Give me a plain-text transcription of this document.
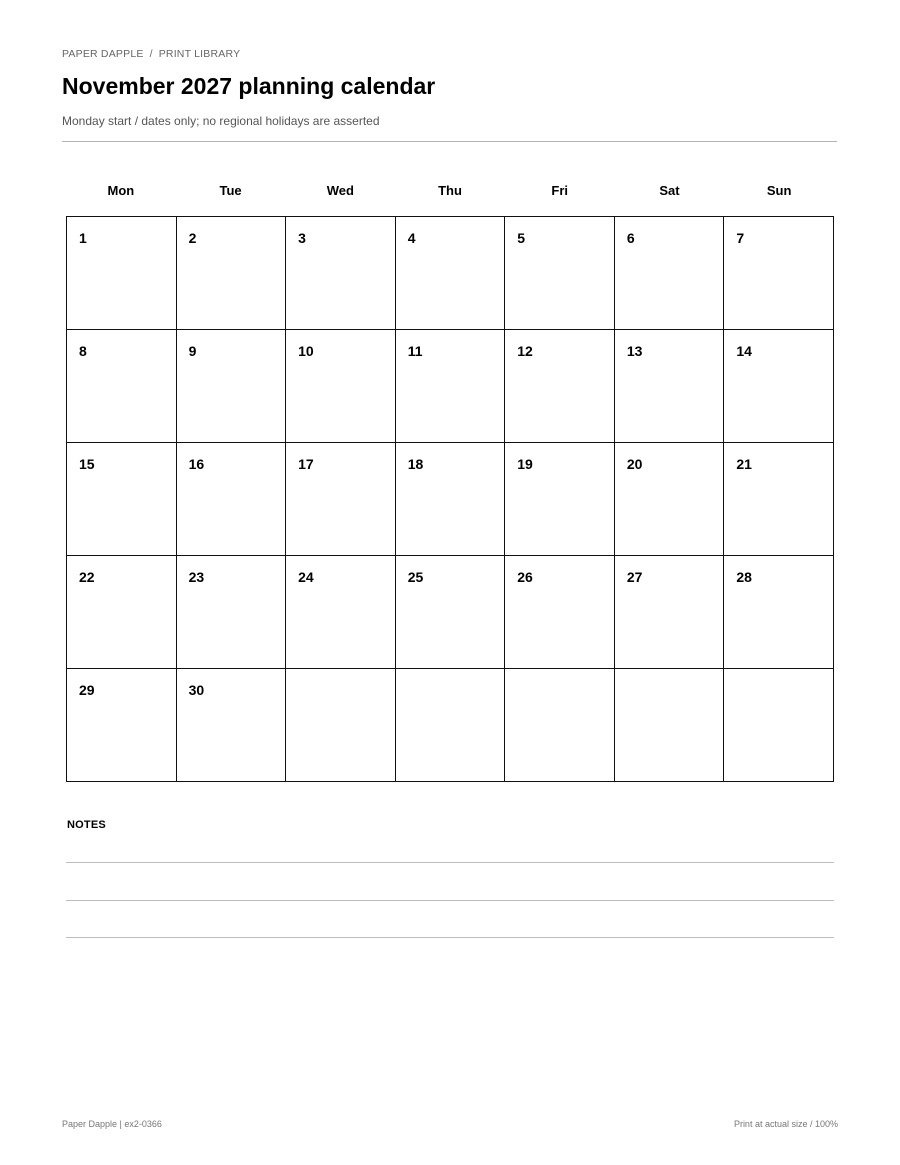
PAPER DAPPLE / PRINT LIBRARY
November 2027 planning calendar
Monday start / dates only; no regional holidays are asserted
Mon	Tue	Wed	Thu	Fri	Sat	Sun
1	2	3	4	5	6	7

8	9	10	11	12	13	14

15	16	17	18	19	20	21

22	23	24	25	26	27	28

29	30					

NOTES
Paper Dapple | ex2-0366	Print at actual size / 100%
